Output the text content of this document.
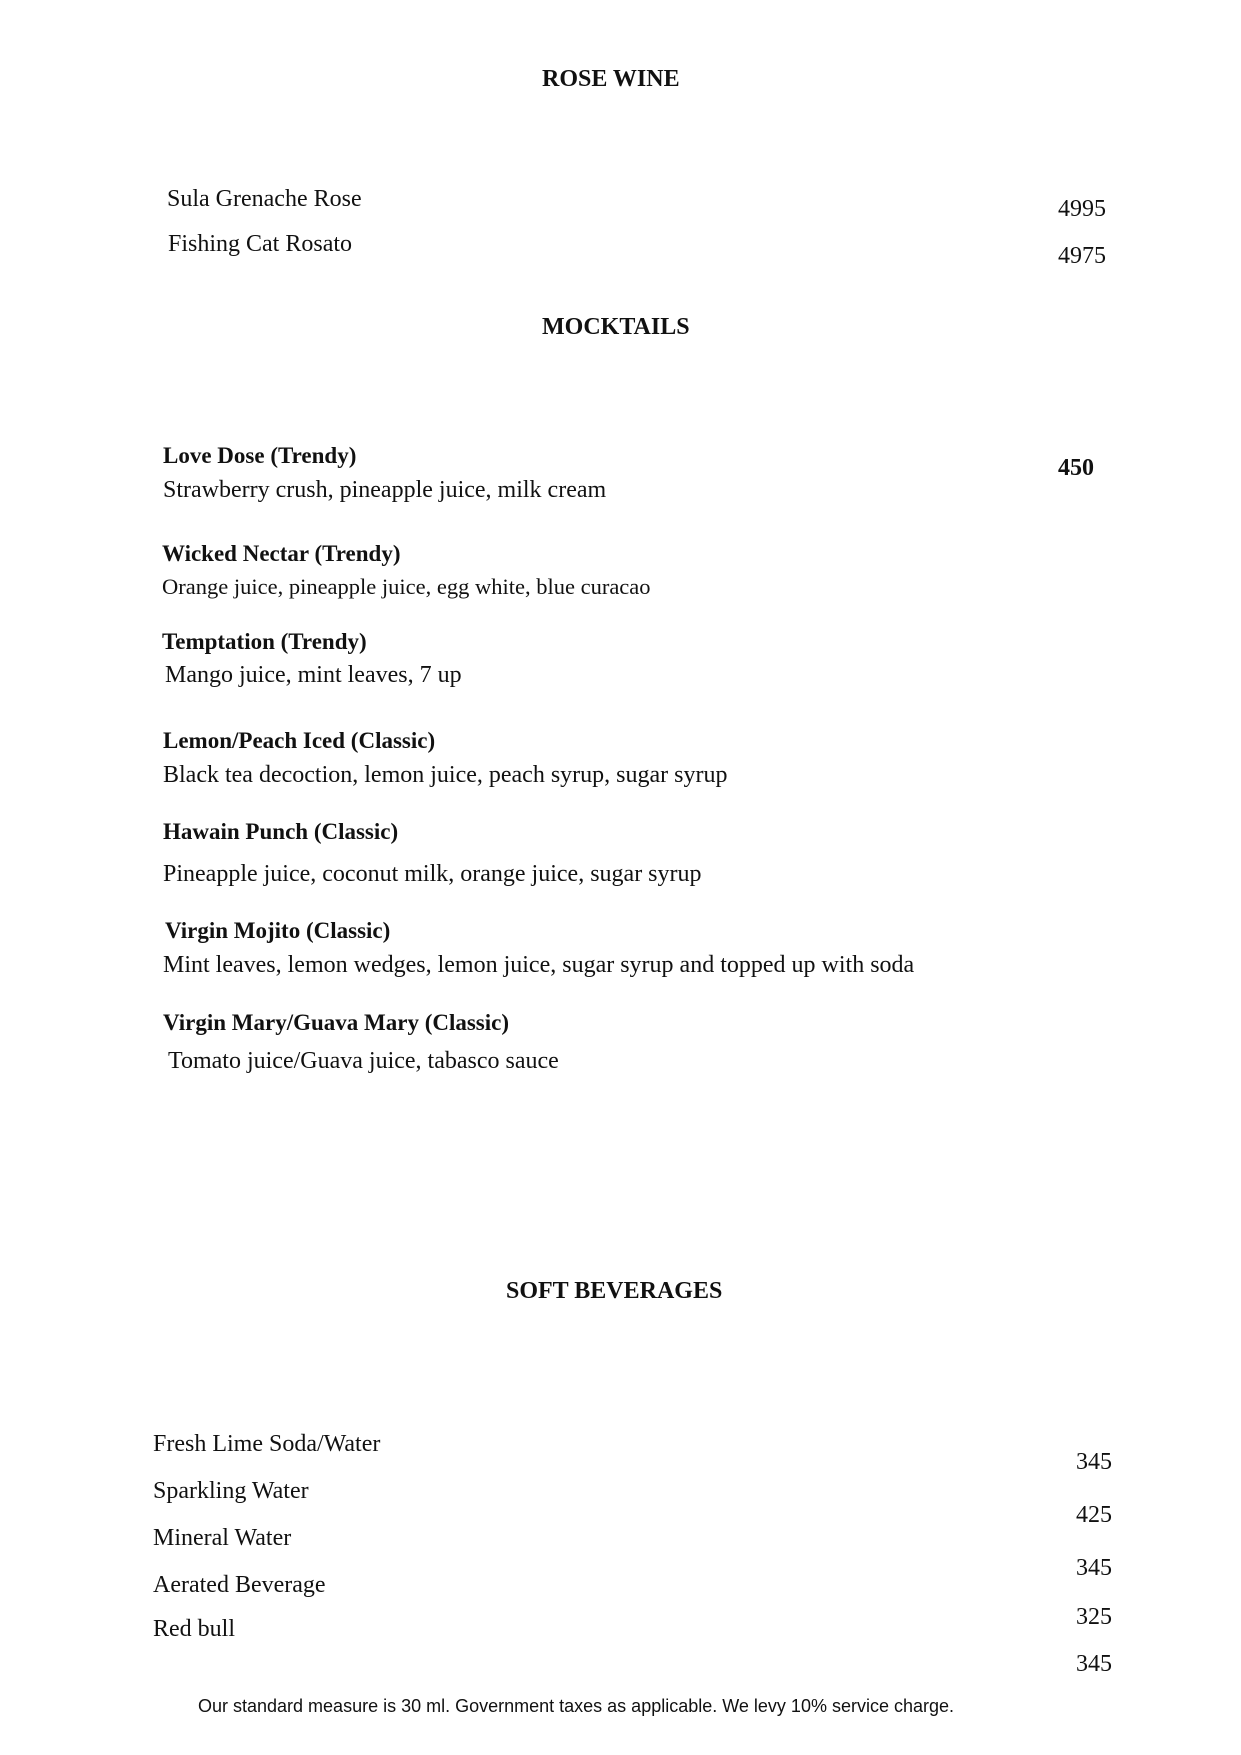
ROSE WINE
Sula Grenache Rose	4995
Fishing Cat Rosato	4975
MOCKTAILS
450
Love Dose (Trendy)
Strawberry crush, pineapple juice, milk cream
Wicked Nectar (Trendy)
Orange juice, pineapple juice, egg white, blue curacao
Temptation (Trendy)
Mango juice, mint leaves, 7 up
Lemon/Peach Iced (Classic)
Black tea decoction, lemon juice, peach syrup, sugar syrup
Hawain Punch (Classic)
Pineapple juice, coconut milk, orange juice, sugar syrup
Virgin Mojito (Classic)
Mint leaves, lemon wedges, lemon juice, sugar syrup and topped up with soda
Virgin Mary/Guava Mary (Classic)
Tomato juice/Guava juice, tabasco sauce
SOFT BEVERAGES
Fresh Lime Soda/Water
Sparkling Water
Mineral Water
Aerated Beverage
Red bull
345
425
345
325
345
Our standard measure is 30 ml. Government taxes as applicable. We levy 10% service charge.
